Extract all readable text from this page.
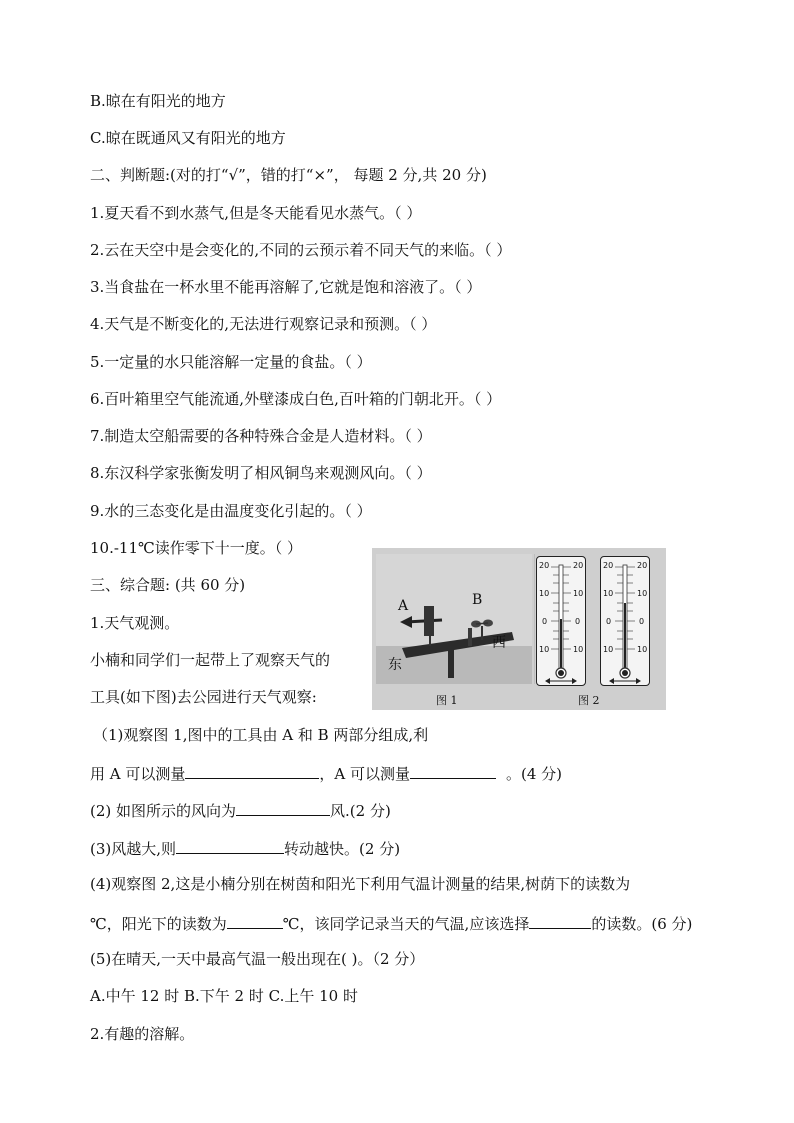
B.晾在有阳光的地方
C.晾在既通风又有阳光的地方
二、判断题:(对的打“√”，错的打“×”， 每题 2 分,共 20 分)
1.夏天看不到水蒸气,但是冬天能看见水蒸气。（ ）
2.云在天空中是会变化的,不同的云预示着不同天气的来临。（ ）
3.当食盐在一杯水里不能再溶解了,它就是饱和溶液了。（ ）
4.天气是不断变化的,无法进行观察记录和预测。（ ）
5.一定量的水只能溶解一定量的食盐。（ ）
6.百叶箱里空气能流通,外壁漆成白色,百叶箱的门朝北开。（ ）
7.制造太空船需要的各种特殊合金是人造材料。（ ）
8.东汉科学家张衡发明了相风铜鸟来观测风向。（ ）
9.水的三态变化是由温度变化引起的。（ ）
10.-11℃读作零下十一度。（ ）
三、综合题: (共 60 分)
1.天气观测。
小楠和同学们一起带上了观察天气的
工具(如下图)去公园进行天气观察:
（1)观察图 1,图中的工具由 A 和 B 两部分组成,利
用 A 可以测量	，A 可以测量	。(4 分)
(2) 如图所示的风向为	风.(2 分)
(3)风越大,则	转动越快。(2 分)
(4)观察图 2,这是小楠分别在树茵和阳光下利用气温计测量的结果,树荫下的读数为
℃，阳光下的读数为	℃，该同学记录当天的气温,应该选择	的读数。(6 分)
(5)在晴天,一天中最高气温一般出现在( )。（2 分）
A.中午 12 时 B.下午 2 时 C.上午 10 时
2.有趣的溶解。
A	B
西
东
图 1	图 2
20
10
0
10
20
10
0
10
20
10
0
10
20
10
0
10
